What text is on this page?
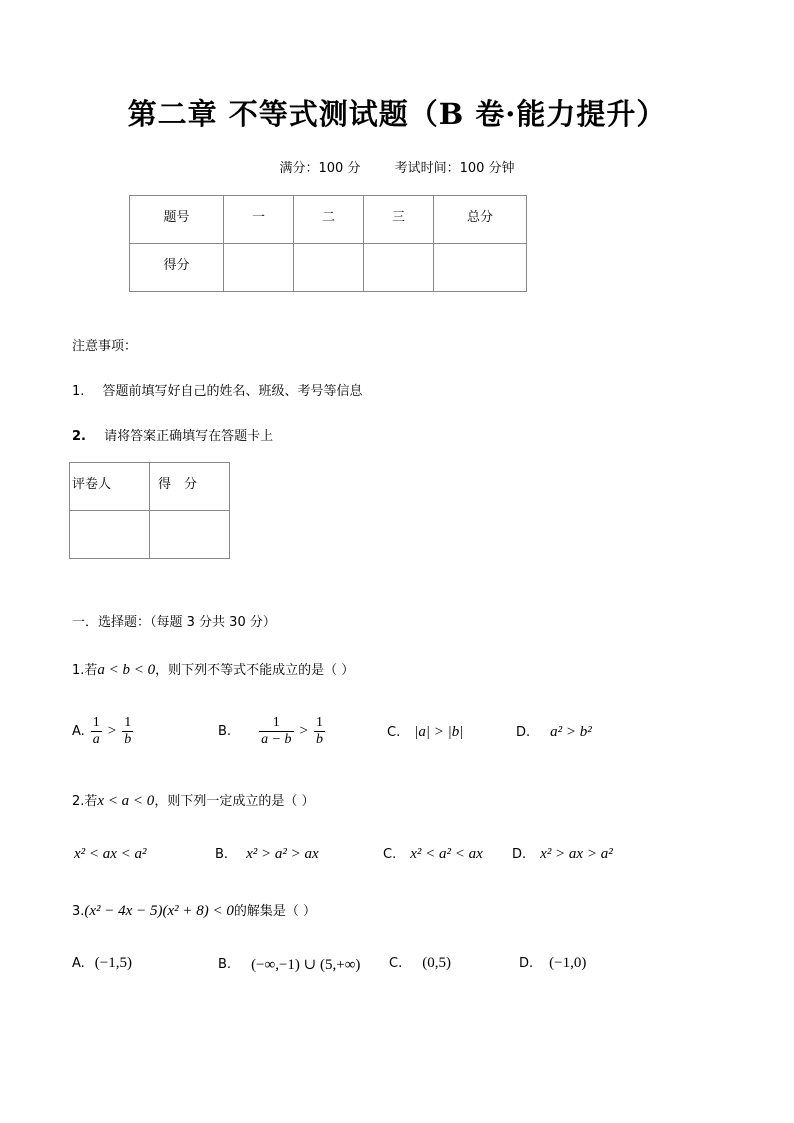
第二章 不等式测试题（B 卷·能力提升）
满分：100 分	考试时间：100 分钟
题号	一	二	三	总分

得分				

注意事项：
1. 答题前填写好自己的姓名、班级、考号等信息
2. 请将答案正确填写在答题卡上
评卷人	得　分

一．选择题：（每题 3 分共 30 分）
1.若a < b < 0，则下列不等式不能成立的是（ ）
A. $\frac{1}{a} > \frac{1}{b}$	B. $\frac{1}{a - b} > \frac{1}{b}$	C. |a| > |b|	D. a² > b²
2.若x < a < 0，则下列一定成立的是（ ）
x² < ax < a²	B. x² > a² > ax	C. x² < a² < ax D. x² > ax > a²
3.(x² − 4x − 5)(x² + 8) < 0的解集是（ ）
A. (−1,5)	B. (−∞,−1) ∪ (5,+∞) C. (0,5)	D. (−1,0)
